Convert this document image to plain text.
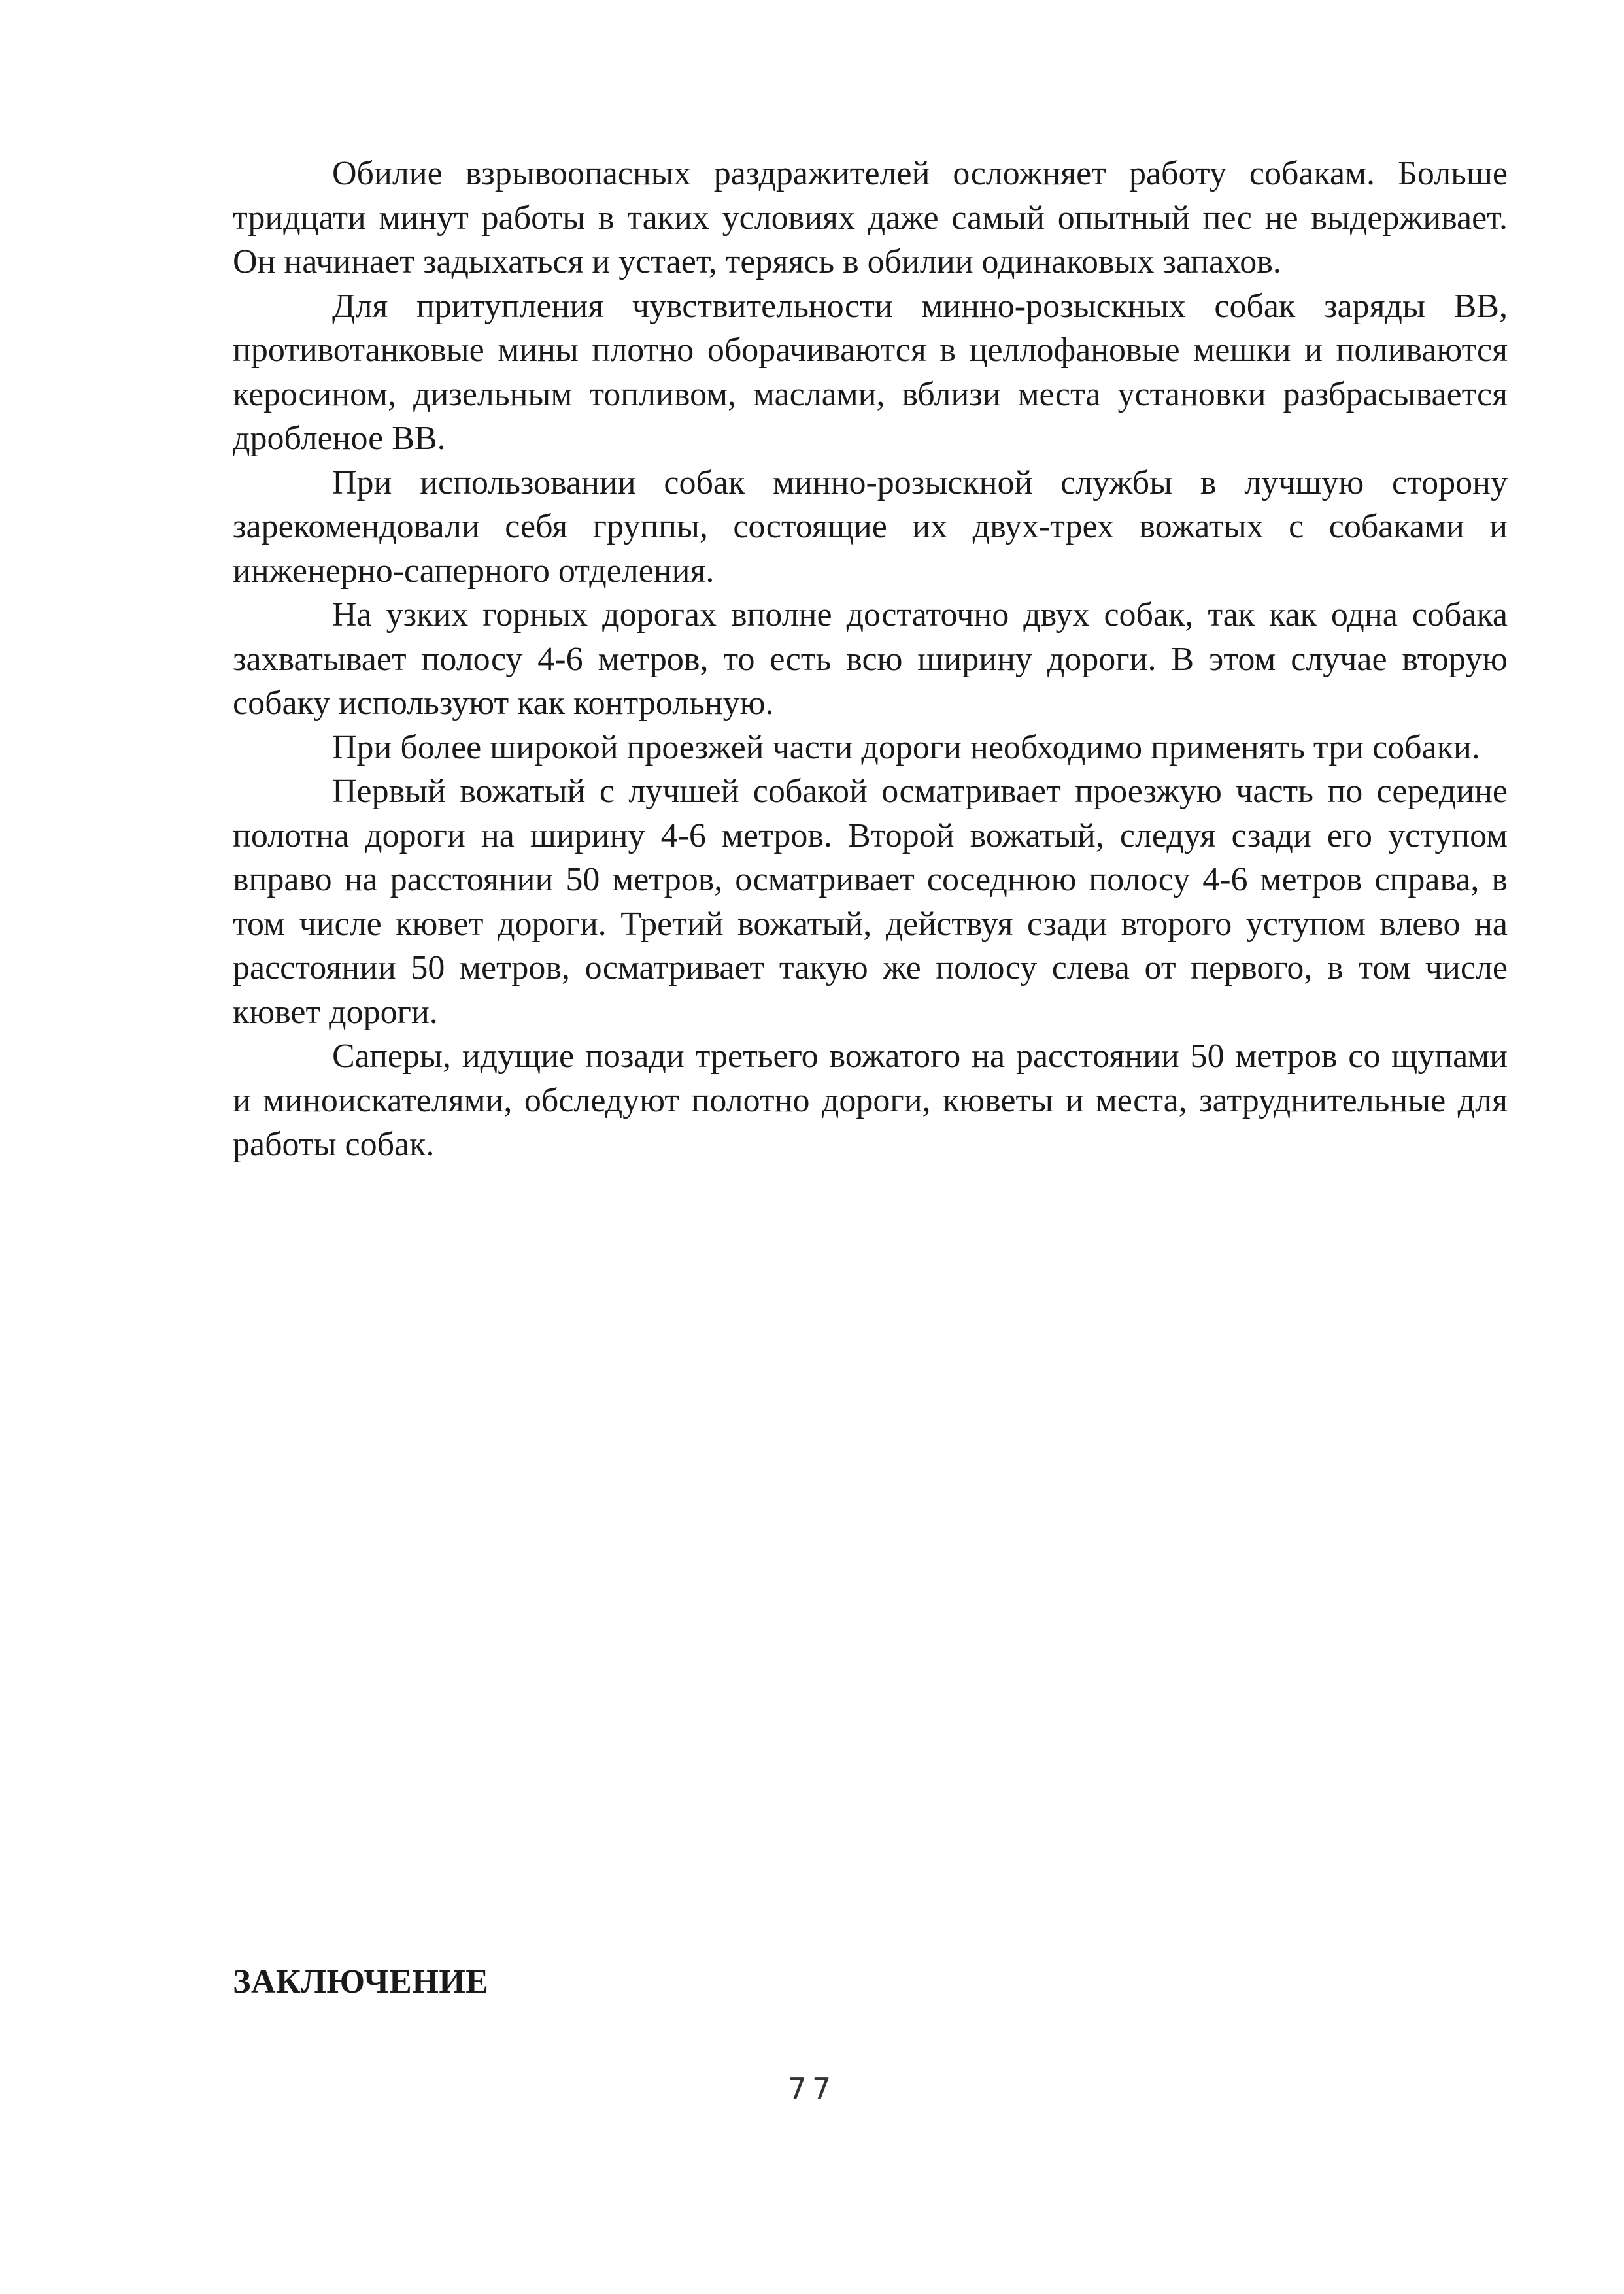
Обилие взрывоопасных раздражителей осложняет работу собакам. Больше тридцати минут работы в таких условиях даже самый опытный пес не выдерживает. Он начинает задыхаться и устает, теряясь в обилии одинаковых запахов.

Для притупления чувствительности минно-розыскных собак заряды ВВ, противотанковые мины плотно оборачиваются в целлофановые мешки и поливаются керосином, дизельным топливом, маслами, вблизи места установки разбрасывается дробленое ВВ.

При использовании собак минно-розыскной службы в лучшую сторону зарекомендовали себя группы, состоящие их двух-трех вожатых с собаками и инженерно-саперного отделения.

На узких горных дорогах вполне достаточно двух собак, так как одна собака захватывает полосу 4-6 метров, то есть всю ширину дороги. В этом случае вторую собаку используют как контрольную.

При более широкой проезжей части дороги необходимо применять три собаки.

Первый вожатый с лучшей собакой осматривает проезжую часть по середине полотна дороги на ширину 4-6 метров. Второй вожатый, следуя сзади его уступом вправо на расстоянии 50 метров, осматривает соседнюю полосу 4-6 метров справа, в том числе кювет дороги. Третий вожатый, действуя сзади второго уступом влево на расстоянии 50 метров, осматривает такую же полосу слева от первого, в том числе кювет дороги.

Саперы, идущие позади третьего вожатого на расстоянии 50 метров со щупами и миноискателями, обследуют полотно дороги, кюветы и места, затруднительные для работы собак.

ЗАКЛЮЧЕНИЕ
77
